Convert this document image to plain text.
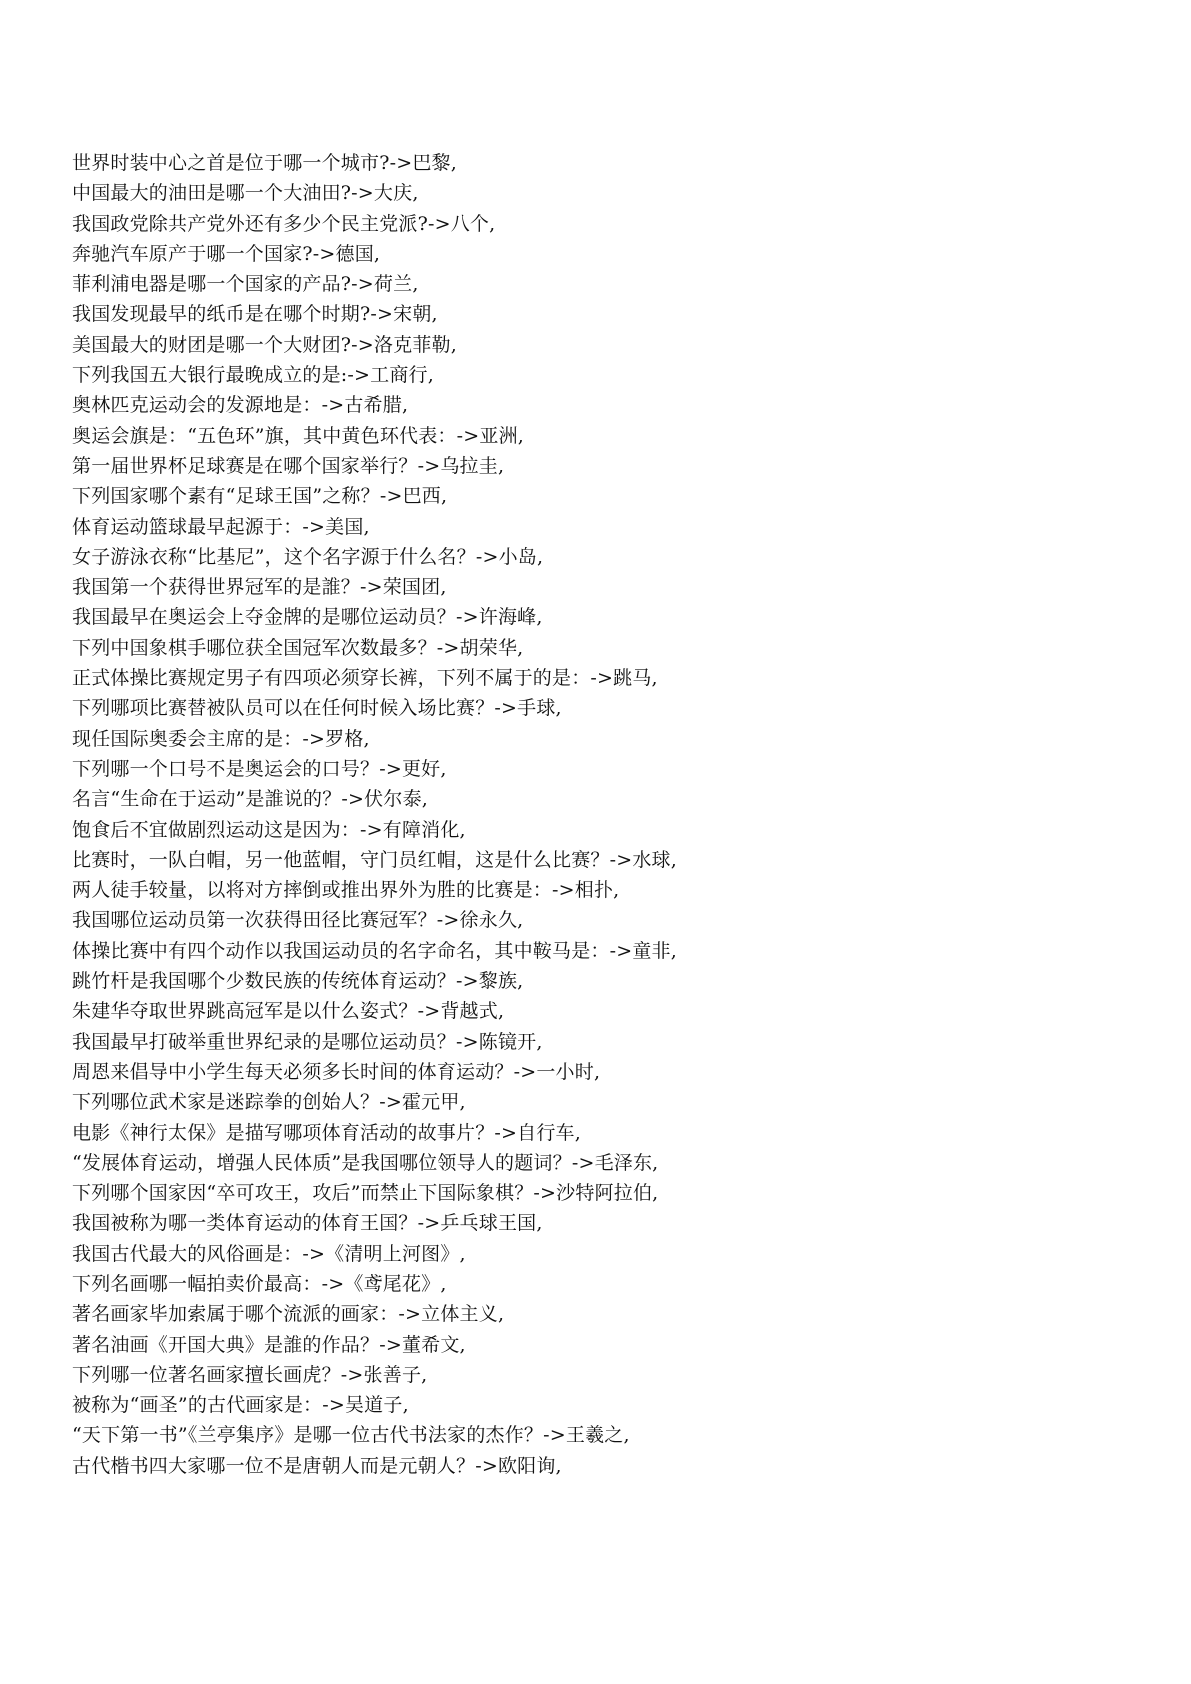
世界时装中心之首是位于哪一个城市?->巴黎,
中国最大的油田是哪一个大油田?->大庆,
我国政党除共产党外还有多少个民主党派?->八个,
奔驰汽车原产于哪一个国家?->德国,
菲利浦电器是哪一个国家的产品?->荷兰,
我国发现最早的纸币是在哪个时期?->宋朝,
美国最大的财团是哪一个大财团?->洛克菲勒,
下列我国五大银行最晚成立的是:->工商行,
奥林匹克运动会的发源地是：->古希腊,
奥运会旗是：“五色环”旗，其中黄色环代表：->亚洲,
第一届世界杯足球赛是在哪个国家举行？->乌拉圭,
下列国家哪个素有“足球王国”之称？->巴西,
体育运动篮球最早起源于：->美国,
女子游泳衣称“比基尼”，这个名字源于什么名？->小岛,
我国第一个获得世界冠军的是誰？->荣国团,
我国最早在奥运会上夺金牌的是哪位运动员？->许海峰,
下列中国象棋手哪位获全国冠军次数最多？->胡荣华,
正式体操比赛规定男子有四项必须穿长裤，下列不属于的是：->跳马,
下列哪项比赛替被队员可以在任何时候入场比赛？->手球,
现任国际奥委会主席的是：->罗格,
下列哪一个口号不是奥运会的口号？->更好,
名言“生命在于运动”是誰说的？->伏尔泰,
饱食后不宜做剧烈运动这是因为：->有障消化,
比赛时，一队白帽，另一他蓝帽，守门员红帽，这是什么比赛？->水球,
两人徒手较量，以将对方摔倒或推出界外为胜的比赛是：->相扑,
我国哪位运动员第一次获得田径比赛冠军？->徐永久,
体操比赛中有四个动作以我国运动员的名字命名，其中鞍马是：->童非,
跳竹杆是我国哪个少数民族的传统体育运动？->黎族,
朱建华夺取世界跳高冠军是以什么姿式？->背越式,
我国最早打破举重世界纪录的是哪位运动员？->陈镜开,
周恩来倡导中小学生每天必须多长时间的体育运动？->一小时,
下列哪位武术家是迷踪拳的创始人？->霍元甲,
电影《神行太保》是描写哪项体育活动的故事片？->自行车,
“发展体育运动，增强人民体质”是我国哪位领导人的题词？->毛泽东,
下列哪个国家因“卒可攻王，攻后”而禁止下国际象棋？->沙特阿拉伯,
我国被称为哪一类体育运动的体育王国？->乒乓球王国,
我国古代最大的风俗画是：->《清明上河图》,
下列名画哪一幅拍卖价最高：->《鸢尾花》,
著名画家毕加索属于哪个流派的画家：->立体主义,
著名油画《开国大典》是誰的作品？->董希文,
下列哪一位著名画家擅长画虎？->张善子,
被称为“画圣”的古代画家是：->吴道子,
“天下第一书”《兰亭集序》是哪一位古代书法家的杰作？->王羲之,
古代楷书四大家哪一位不是唐朝人而是元朝人？->欧阳询,
